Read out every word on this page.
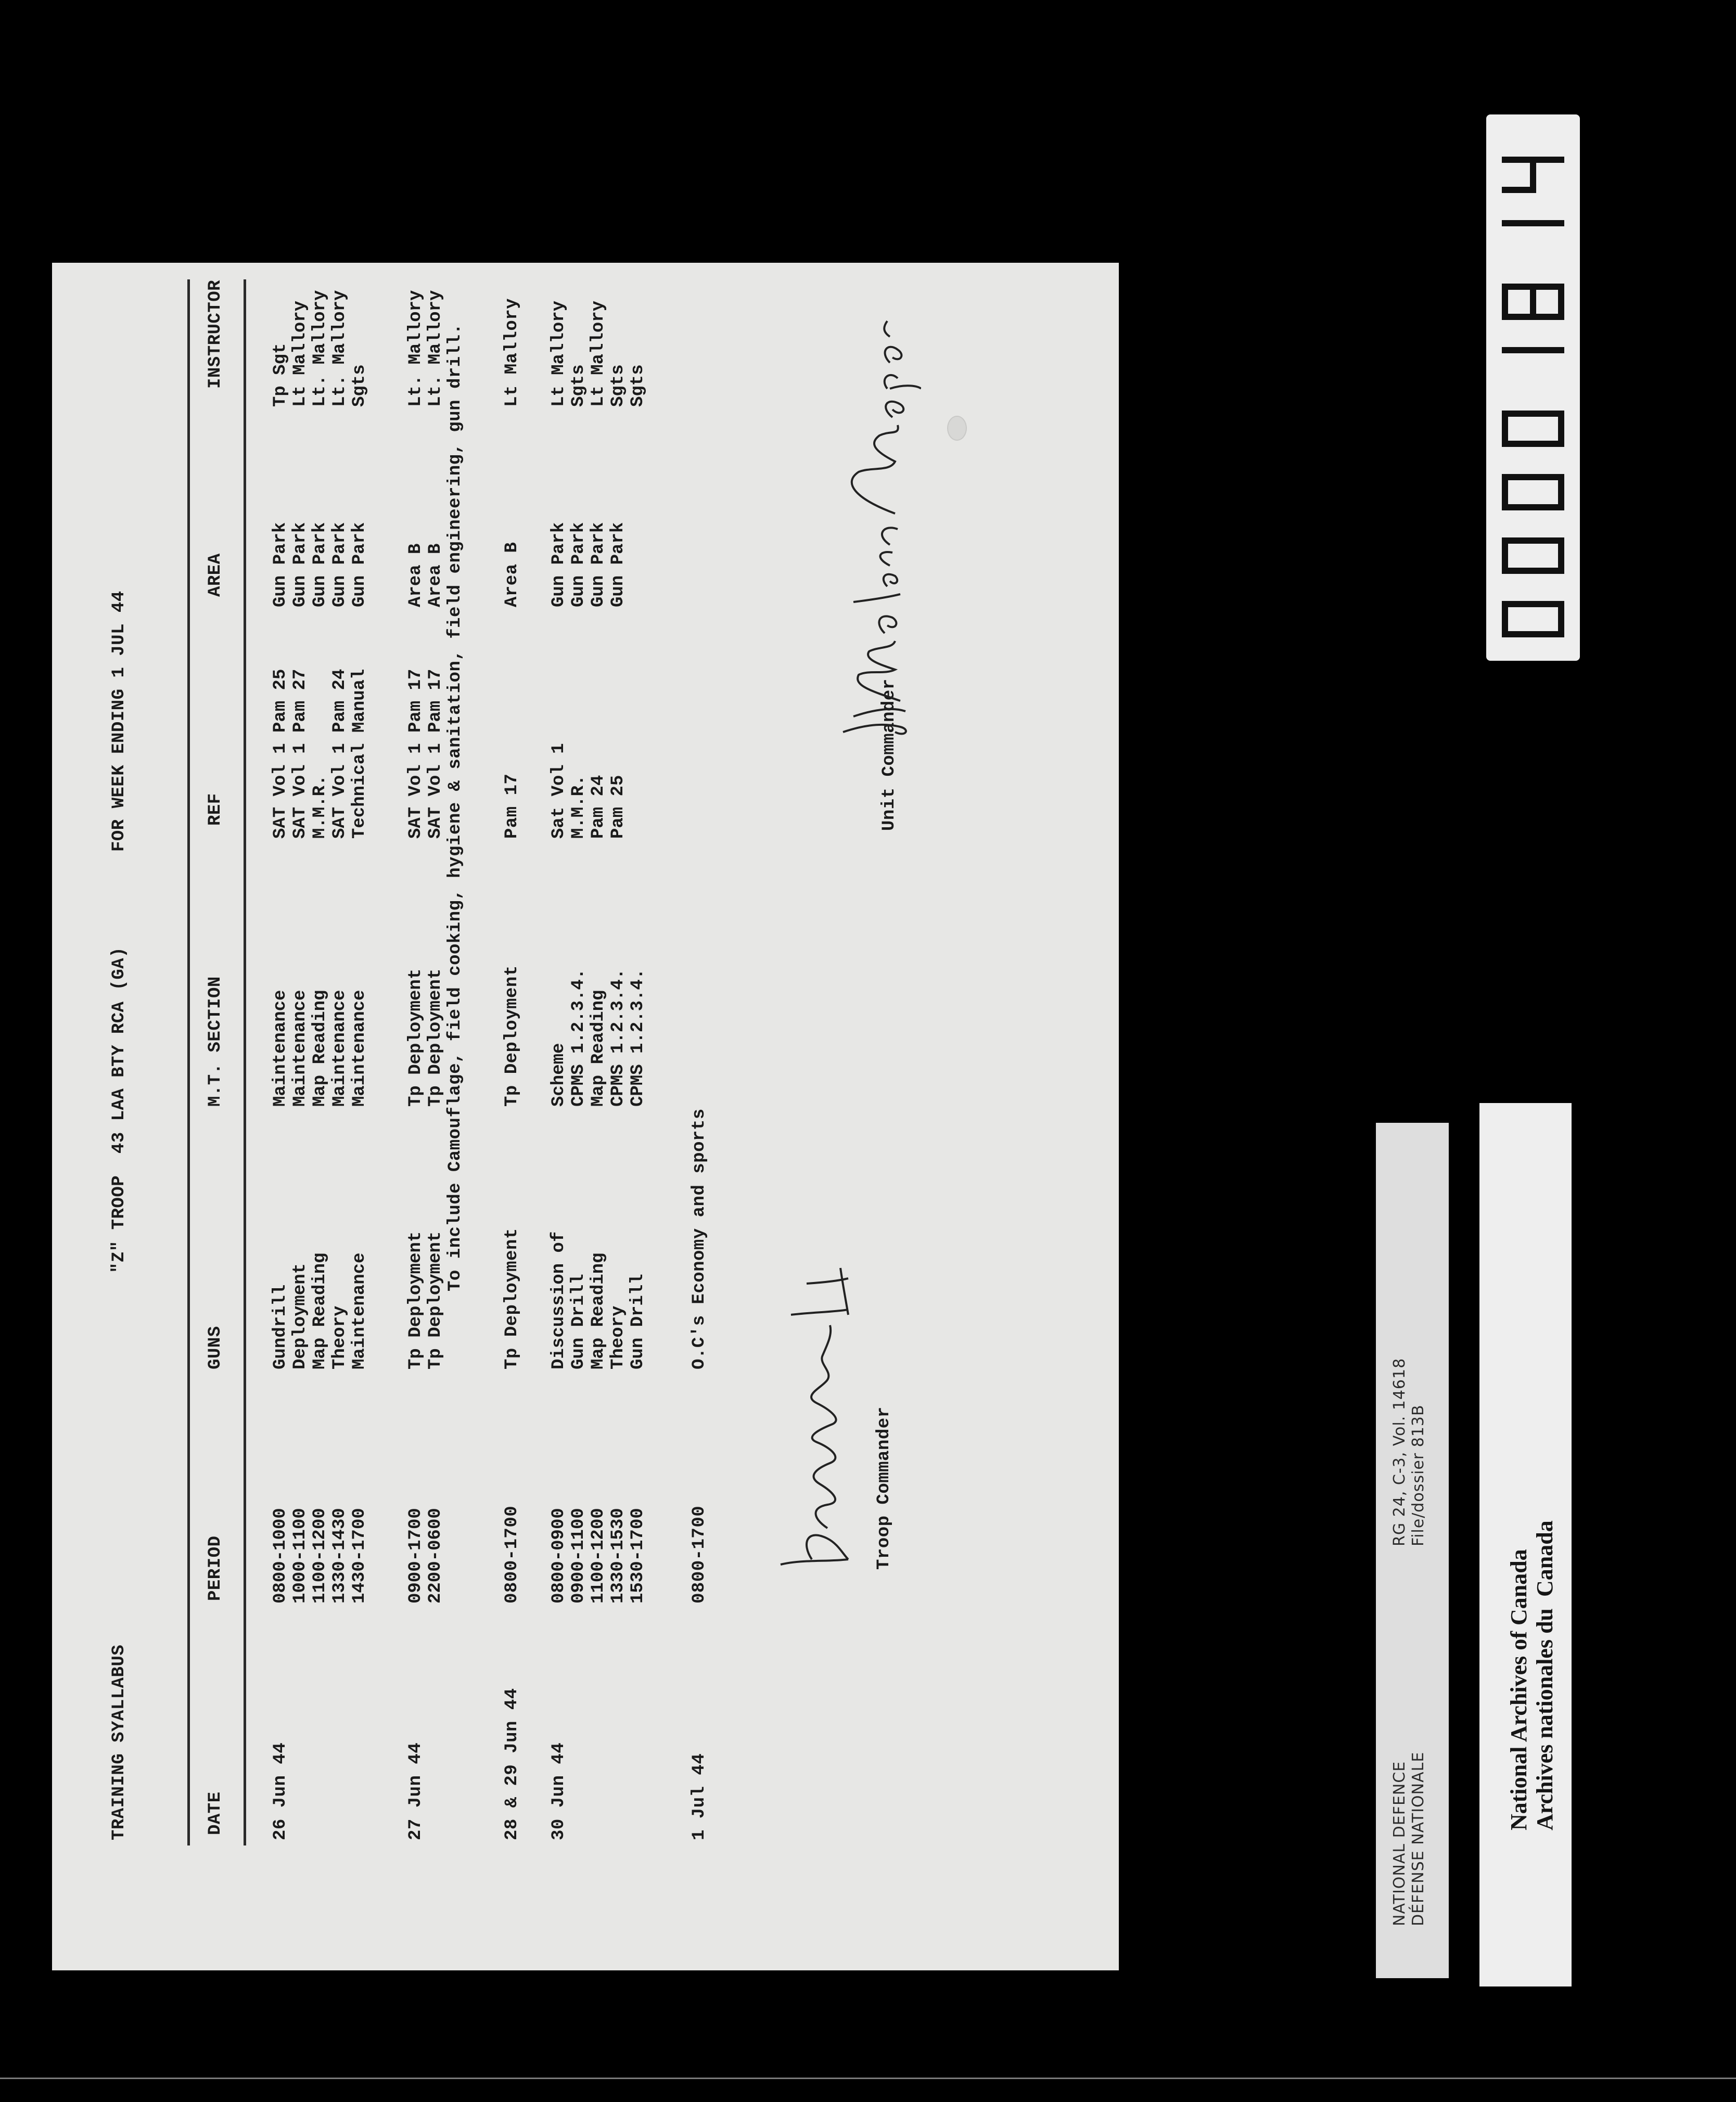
TRAINING SYALLABUS
"Z" TROOP  43 LAA BTY RCA (GA)
FOR WEEK ENDING 1 JUL 44
DATE
PERIOD
GUNS
M.T. SECTION
REF
AREA
INSTRUCTOR
26 Jun 44
0800-1000 1000-1100 1100-1200 1330-1430 1430-1700
Gundrill Deployment Map Reading Theory Maintenance
Maintenance Maintenance Map Reading Maintenance Maintenance
SAT Vol 1 Pam 25 SAT Vol 1 Pam 27 M.M.R. SAT Vol 1 Pam 24 Technical Manual
Gun Park Gun Park Gun Park Gun Park Gun Park
Tp Sgt Lt Mallory Lt. Mallory Lt. Mallory Sgts
27 Jun 44
0900-1700 2200-0600
Tp Deployment Tp Deployment
Tp Deployment Tp Deployment
SAT Vol 1 Pam 17 SAT Vol 1 Pam 17
Area B Area B
Lt. Mallory Lt. Mallory To include Camouflage, field cooking, hygiene & sanitation, field engineering, gun drill.
28 & 29 Jun 44
0800-1700
Tp Deployment
Tp Deployment
Pam 17
Area B
Lt Mallory
30 Jun 44
0800-0900 0900-1100 1100-1200 1330-1530 1530-1700
Discussion of Gun Drill Map Reading Theory Gun Drill
Scheme CPMS 1.2.3.4. Map Reading CPMS 1.2.3.4. CPMS 1.2.3.4.
Sat Vol 1 M.M.R. Pam 24 Pam 25
Gun Park Gun Park Gun Park Gun Park
Lt Mallory Sgts Lt Mallory Sgts Sgts
1 Jul 44
0800-1700
O.C's Economy and sports
Troop Commander
Unit Commander
NATIONAL DEFENCE DÉFENSE NATIONALE
RG 24, C-3, Vol. 14618 File/dossier 813B
National Archives of Canada Archives nationales du  Canada
